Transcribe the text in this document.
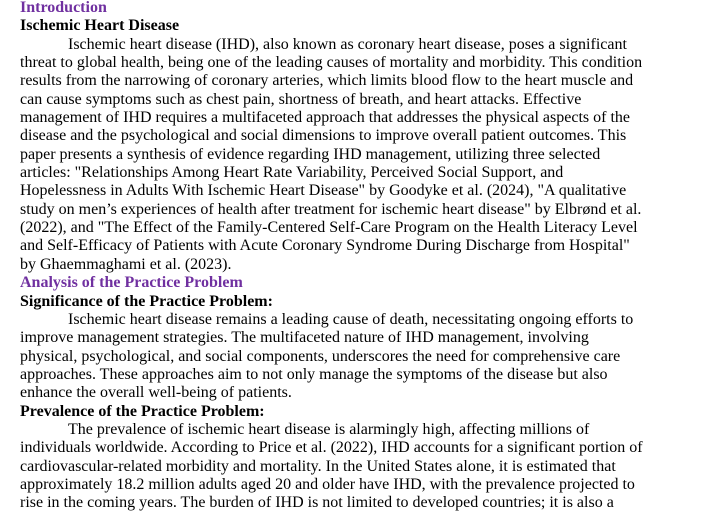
Introduction
Ischemic Heart Disease
Ischemic heart disease (IHD), also known as coronary heart disease, poses a significant
threat to global health, being one of the leading causes of mortality and morbidity. This condition
results from the narrowing of coronary arteries, which limits blood flow to the heart muscle and
can cause symptoms such as chest pain, shortness of breath, and heart attacks. Effective
management of IHD requires a multifaceted approach that addresses the physical aspects of the
disease and the psychological and social dimensions to improve overall patient outcomes. This
paper presents a synthesis of evidence regarding IHD management, utilizing three selected
articles: "Relationships Among Heart Rate Variability, Perceived Social Support, and
Hopelessness in Adults With Ischemic Heart Disease" by Goodyke et al. (2024), "A qualitative
study on men’s experiences of health after treatment for ischemic heart disease" by Elbrønd et al.
(2022), and "The Effect of the Family-Centered Self-Care Program on the Health Literacy Level
and Self-Efficacy of Patients with Acute Coronary Syndrome During Discharge from Hospital"
by Ghaemmaghami et al. (2023).
Analysis of the Practice Problem
Significance of the Practice Problem:
Ischemic heart disease remains a leading cause of death, necessitating ongoing efforts to
improve management strategies. The multifaceted nature of IHD management, involving
physical, psychological, and social components, underscores the need for comprehensive care
approaches. These approaches aim to not only manage the symptoms of the disease but also
enhance the overall well-being of patients.
Prevalence of the Practice Problem:
The prevalence of ischemic heart disease is alarmingly high, affecting millions of
individuals worldwide. According to Price et al. (2022), IHD accounts for a significant portion of
cardiovascular-related morbidity and mortality. In the United States alone, it is estimated that
approximately 18.2 million adults aged 20 and older have IHD, with the prevalence projected to
rise in the coming years. The burden of IHD is not limited to developed countries; it is also a
